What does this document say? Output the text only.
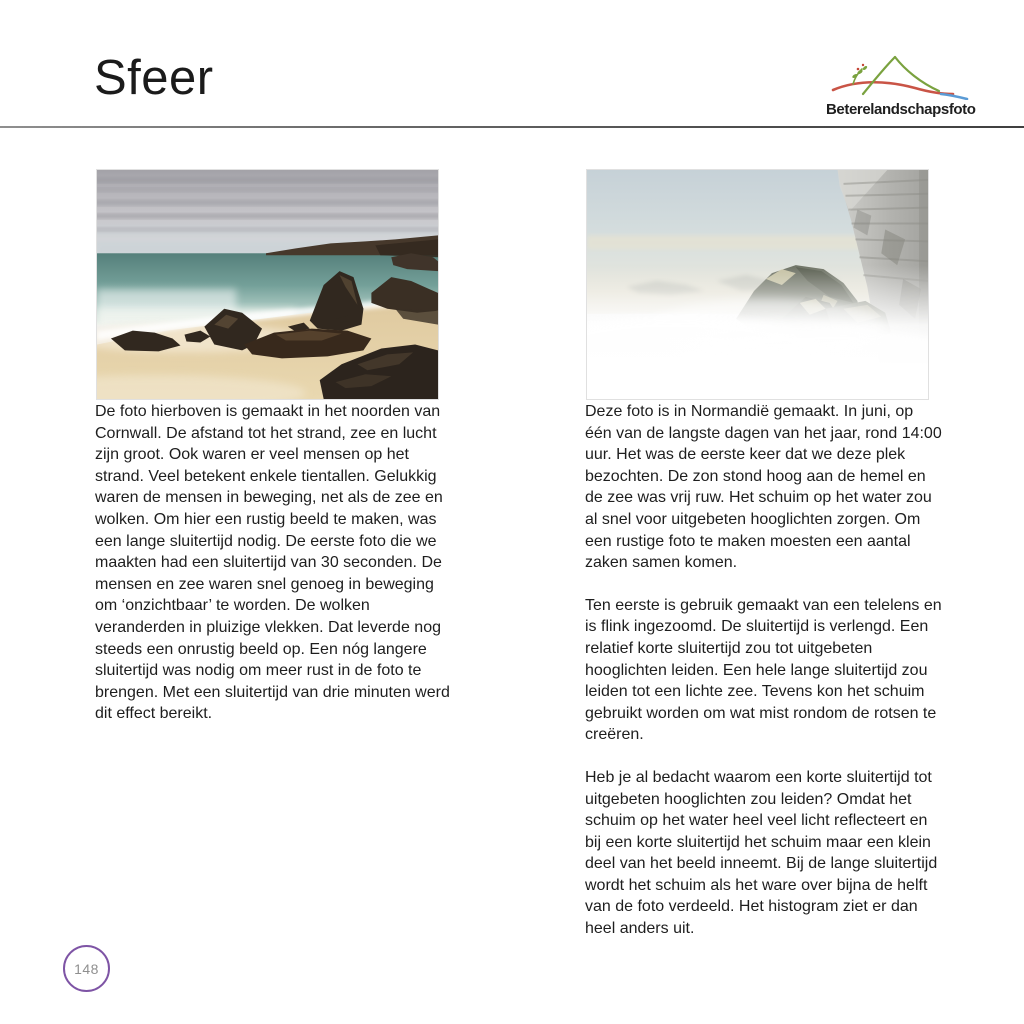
Sfeer
Beterelandschapsfoto

De foto hierboven is gemaakt in het noorden van Cornwall. De afstand tot het strand, zee en lucht zijn groot. Ook waren er veel mensen op het strand. Veel betekent enkele tientallen. Gelukkig waren de mensen in beweging, net als de zee en wolken. Om hier een rustig beeld te maken, was een lange sluitertijd nodig. De eerste foto die we maakten had een sluitertijd van 30 seconden. De mensen en zee waren snel genoeg in beweging om ‘onzichtbaar’ te worden. De wolken veranderden in pluizige vlekken. Dat leverde nog steeds een onrustig beeld op. Een nóg langere sluitertijd was nodig om meer rust in de foto te brengen. Met een sluitertijd van drie minuten werd dit effect bereikt.

Deze foto is in Normandië gemaakt. In juni, op één van de langste dagen van het jaar, rond 14:00 uur. Het was de eerste keer dat we deze plek bezochten. De zon stond hoog aan de hemel en de zee was vrij ruw. Het schuim op het water zou al snel voor uitgebeten hooglichten zorgen. Om een rustige foto te maken moesten een aantal zaken samen komen.

Ten eerste is gebruik gemaakt van een telelens en is flink ingezoomd. De sluitertijd is verlengd. Een relatief korte sluitertijd zou tot uitgebeten hooglichten leiden. Een hele lange sluitertijd zou leiden tot een lichte zee. Tevens kon het schuim gebruikt worden om wat mist rondom de rotsen te creëren.

Heb je al bedacht waarom een korte sluitertijd tot uitgebeten hooglichten zou leiden? Omdat het schuim op het water heel veel licht reflecteert en bij een korte sluitertijd het schuim maar een klein deel van het beeld inneemt. Bij de lange sluitertijd wordt het schuim als het ware over bijna de helft van de foto verdeeld. Het histogram ziet er dan heel anders uit.

148
